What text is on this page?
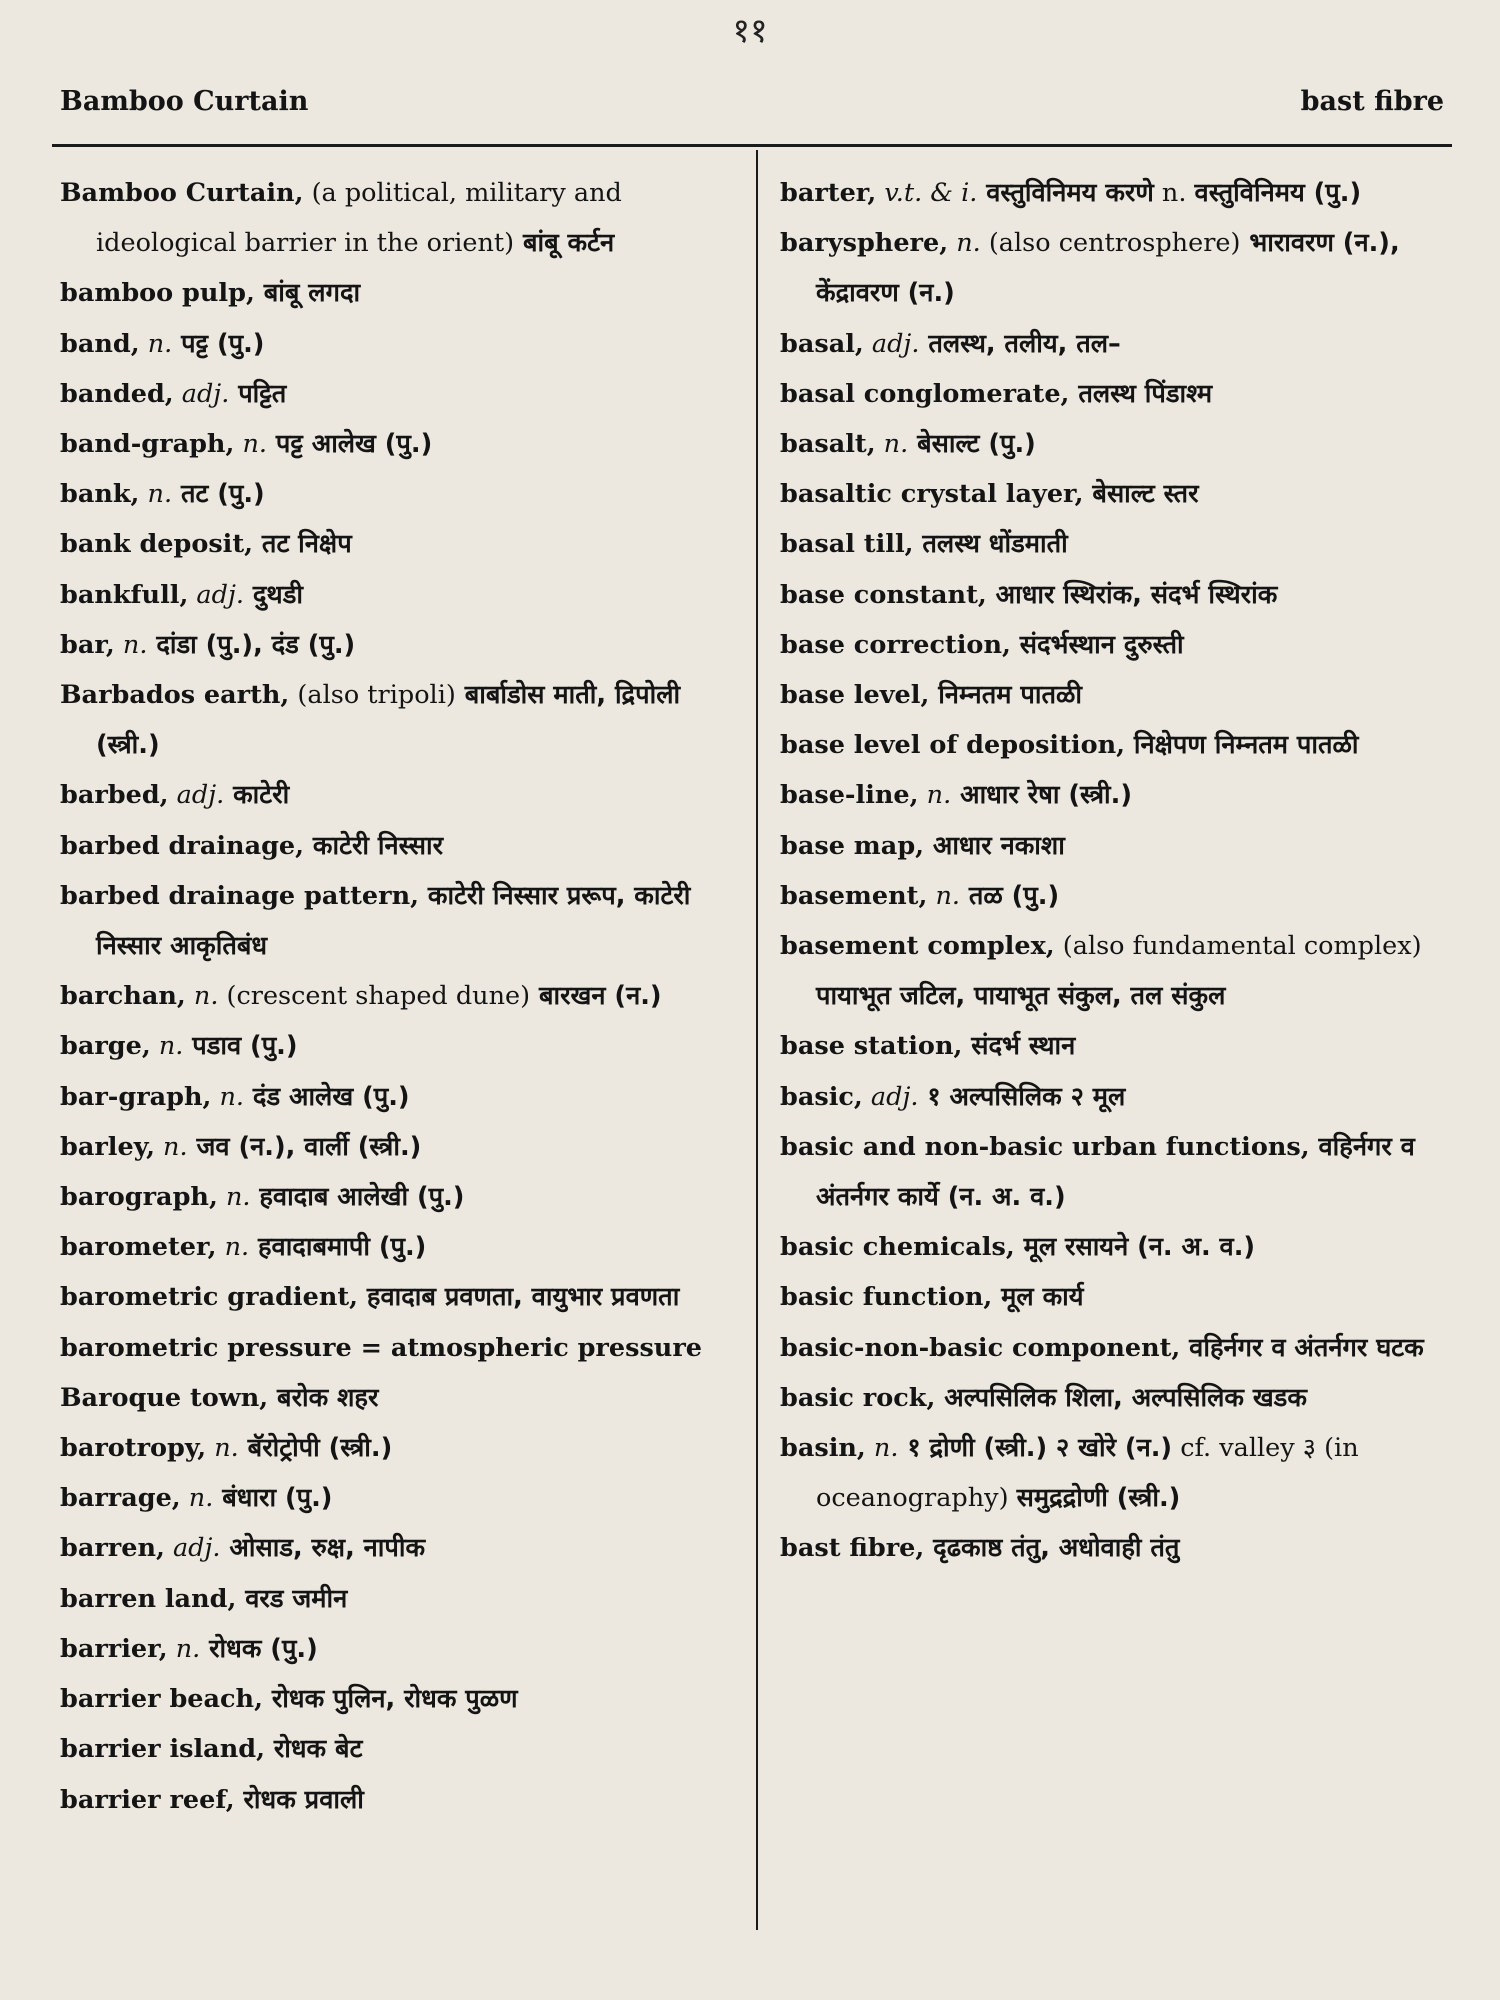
११
Bamboo Curtain	bast fibre

Bamboo Curtain, (a political, military and ideological barrier in the orient) बांबू कर्टन

bamboo pulp, बांबू लगदा

band, n. पट्ट (पु.)

banded, adj. पट्टित

band-graph, n. पट्ट आलेख (पु.)

bank, n. तट (पु.)

bank deposit, तट निक्षेप

bankfull, adj. दुथडी

bar, n. दांडा (पु.), दंड (पु.)

Barbados earth, (also tripoli) बार्बाडोस माती, द्रिपोली (स्त्री.)

barbed, adj. काटेरी

barbed drainage, काटेरी निस्सार

barbed drainage pattern, काटेरी निस्सार प्ररूप, काटेरी निस्सार आकृतिबंध

barchan, n. (crescent shaped dune) बारखन (न.)

barge, n. पडाव (पु.)

bar-graph, n. दंड आलेख (पु.)

barley, n. जव (न.), वार्ली (स्त्री.)

barograph, n. हवादाब आलेखी (पु.)

barometer, n. हवादाबमापी (पु.)

barometric gradient, हवादाब प्रवणता, वायुभार प्रवणता

barometric pressure = atmospheric pressure

Baroque town, बरोक शहर

barotropy, n. बॅरोट्रोपी (स्त्री.)

barrage, n. बंधारा (पु.)

barren, adj. ओसाड, रुक्ष, नापीक

barren land, वरड जमीन

barrier, n. रोधक (पु.)

barrier beach, रोधक पुलिन, रोधक पुळण

barrier island, रोधक बेट

barrier reef, रोधक प्रवाली

barter, v.t. & i. वस्तुविनिमय करणे n. वस्तुविनिमय (पु.)

barysphere, n. (also centrosphere) भारावरण (न.), केंद्रावरण (न.)

basal, adj. तलस्थ, तलीय, तल–

basal conglomerate, तलस्थ पिंडाश्म

basalt, n. बेसाल्ट (पु.)

basaltic crystal layer, बेसाल्ट स्तर

basal till, तलस्थ धोंडमाती

base constant, आधार स्थिरांक, संदर्भ स्थिरांक

base correction, संदर्भस्थान दुरुस्ती

base level, निम्नतम पातळी

base level of deposition, निक्षेपण निम्नतम पातळी

base-line, n. आधार रेषा (स्त्री.)

base map, आधार नकाशा

basement, n. तळ (पु.)

basement complex, (also fundamental complex) पायाभूत जटिल, पायाभूत संकुल, तल संकुल

base station, संदर्भ स्थान

basic, adj. १ अल्पसिलिक २ मूल

basic and non-basic urban functions, वहिर्नगर व अंतर्नगर कार्ये (न. अ. व.)

basic chemicals, मूल रसायने (न. अ. व.)

basic function, मूल कार्य

basic-non-basic component, वहिर्नगर व अंतर्नगर घटक

basic rock, अल्पसिलिक शिला, अल्पसिलिक खडक

basin, n. १ द्रोणी (स्त्री.) २ खोरे (न.) cf. valley ३ (in oceanography) समुद्रद्रोणी (स्त्री.)

bast fibre, दृढकाष्ठ तंतु, अधोवाही तंतु
